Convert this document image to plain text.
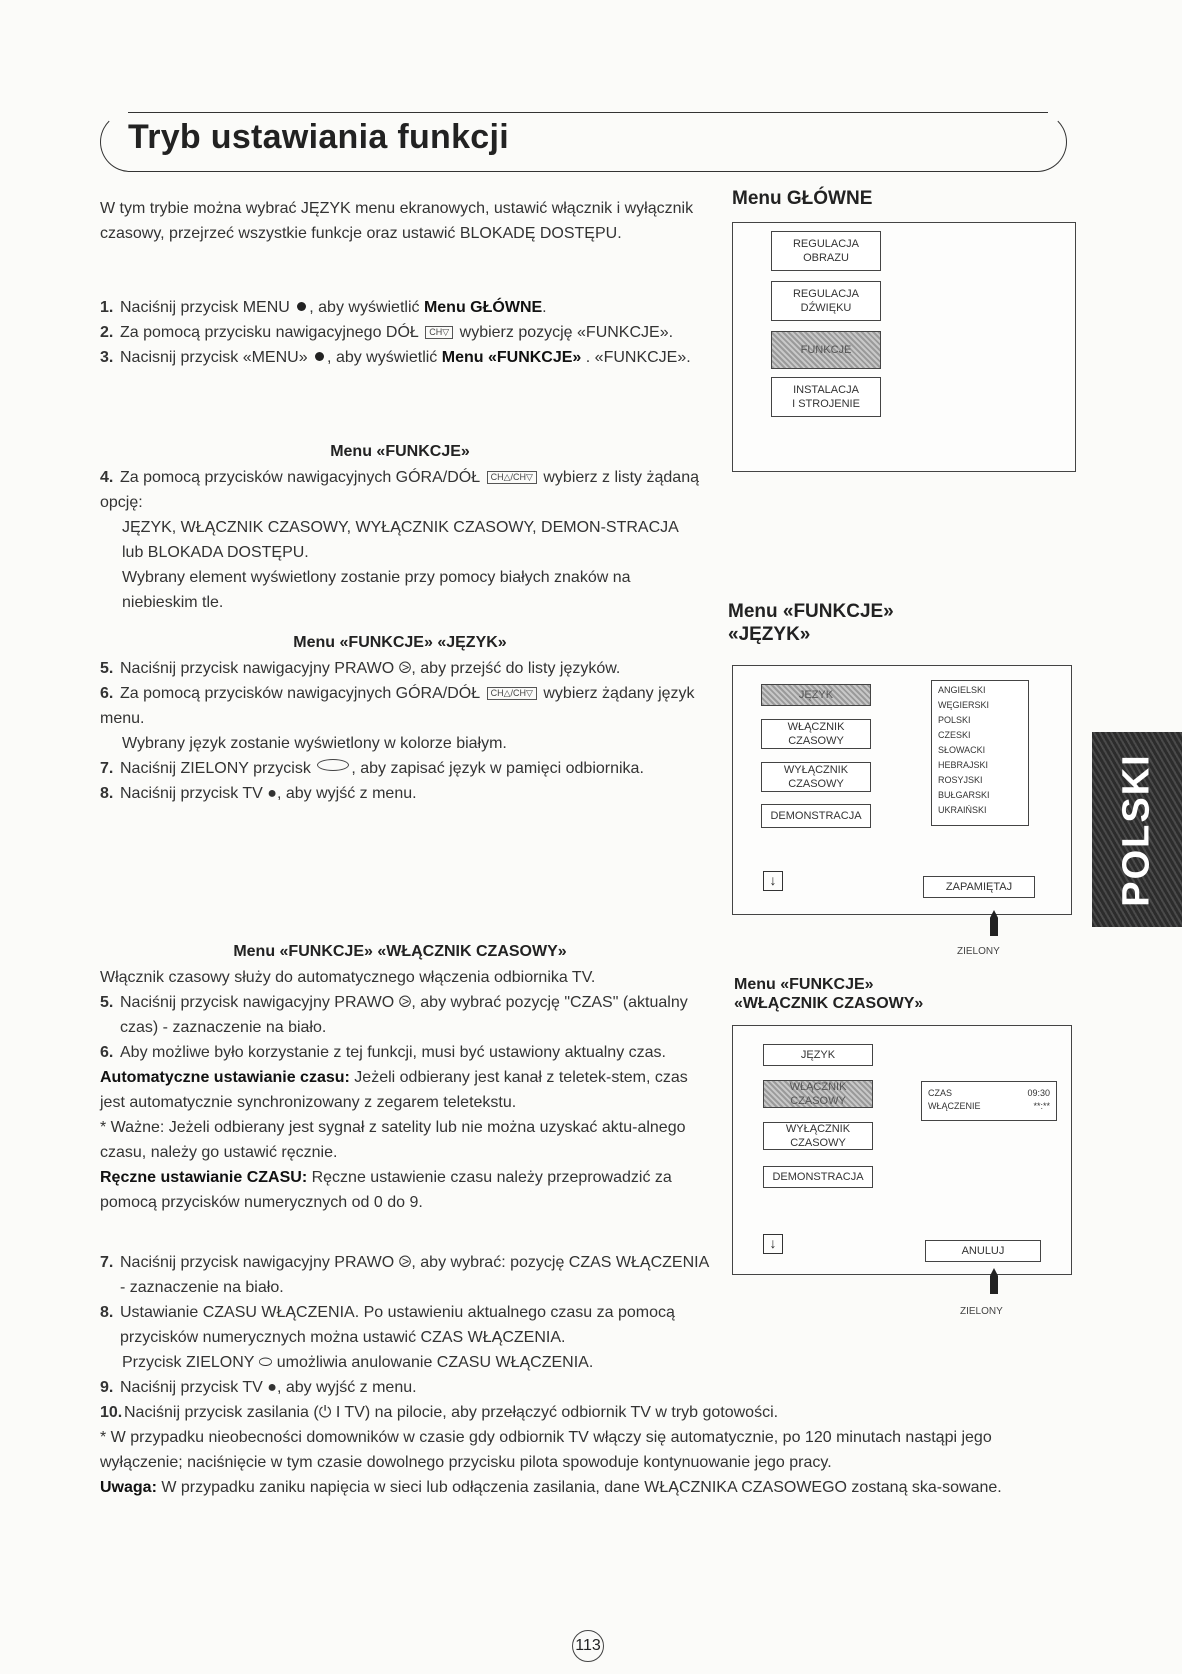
Tryb ustawiania funkcji
W tym trybie można wybrać JĘZYK menu ekranowych, ustawić włącznik i wyłącznik czasowy, przejrzeć wszystkie funkcje oraz ustawić BLOKADĘ DOSTĘPU.
1. Naciśnij przycisk MENU , aby wyświetlić Menu GŁÓWNE.
2. Za pomocą przycisku nawigacyjnego DÓŁ CH▽ wybierz pozycję «FUNKCJE».
3. Nacisnij przycisk «MENU» , aby wyświetlić Menu «FUNKCJE» . «FUNKCJE».
Menu «FUNKCJE»
4. Za pomocą przycisków nawigacyjnych GÓRA/DÓŁ CH△/CH▽ wybierz z listy żądaną opcję:
JĘZYK, WŁĄCZNIK CZASOWY, WYŁĄCZNIK CZASOWY, DEMON-STRACJA lub BLOKADA DOSTĘPU.
Wybrany element wyświetlony zostanie przy pomocy białych znaków na niebieskim tle.
Menu «FUNKCJE» «JĘZYK»
5. Naciśnij przycisk nawigacyjny PRAWO ⧁, aby przejść do listy języków.
6. Za pomocą przycisków nawigacyjnych GÓRA/DÓŁ CH△/CH▽ wybierz żądany język menu.
Wybrany język zostanie wyświetlony w kolorze białym.
7. Naciśnij ZIELONY przycisk	, aby zapisać język w pamięci odbiornika.
8. Naciśnij przycisk TV ●, aby wyjść z menu.
Menu «FUNKCJE» «WŁĄCZNIK CZASOWY»
Włącznik czasowy służy do automatycznego włączenia odbiornika TV.
5. Naciśnij przycisk nawigacyjny PRAWO ⧁, aby wybrać pozycję "CZAS" (aktualny czas) - zaznaczenie na biało.
6. Aby możliwe było korzystanie z tej funkcji, musi być ustawiony aktualny czas.
Automatyczne ustawianie czasu: Jeżeli odbierany jest kanał z teletek-stem, czas jest automatycznie synchronizowany z zegarem teletekstu.
* Ważne: Jeżeli odbierany jest sygnał z satelity lub nie można uzyskać aktu-alnego czasu, należy go ustawić ręcznie.
Ręczne ustawianie CZASU: Ręczne ustawienie czasu należy przeprowadzić za pomocą przycisków numerycznych od 0 do 9.
7. Naciśnij przycisk nawigacyjny PRAWO ⧁, aby wybrać: pozycję CZAS WŁĄCZENIA - zaznaczenie na biało.
8. Ustawianie CZASU WŁĄCZENIA. Po ustawieniu aktualnego czasu za pomocą przycisków numerycznych można ustawić CZAS WŁĄCZENIA.
Przycisk ZIELONY ⬭ umożliwia anulowanie CZASU WŁĄCZENIA.
9. Naciśnij przycisk TV ●, aby wyjść z menu.
10. Naciśnij przycisk zasilania (⏻ I TV) na pilocie, aby przełączyć odbiornik TV w tryb gotowości.
* W przypadku nieobecności domowników w czasie gdy odbiornik TV włączy się automatycznie, po 120 minutach nastąpi jego wyłączenie; naciśnięcie w tym czasie dowolnego przycisku pilota spowoduje kontynuowanie jego pracy.
Uwaga: W przypadku zaniku napięcia w sieci lub odłączenia zasilania, dane WŁĄCZNIKA CZASOWEGO zostaną ska-sowane.
Menu GŁÓWNE
REGULACJA
OBRAZU
REGULACJA
DŹWIĘKU
FUNKCJE
INSTALACJA
I STROJENIE
Menu «FUNKCJE»
«JĘZYK»
JĘZYK
WŁĄCZNIK
CZASOWY
WYŁĄCZNIK
CZASOWY
DEMONSTRACJA
ANGIELSKI
WĘGIERSKI
POLSKI
CZESKI
SŁOWACKI
HEBRAJSKI
ROSYJSKI
BUŁGARSKI
UKRAIŃSKI
↓	ZAPAMIĘTAJ
ZIELONY
Menu «FUNKCJE»
«WŁĄCZNIK CZASOWY»
JĘZYK
WŁĄCZNIK
CZASOWY
WYŁĄCZNIK
CZASOWY
DEMONSTRACJA
CZAS	09:30
WŁĄCZENIE	**:**
↓	ANULUJ
ZIELONY
POLSKI
113
